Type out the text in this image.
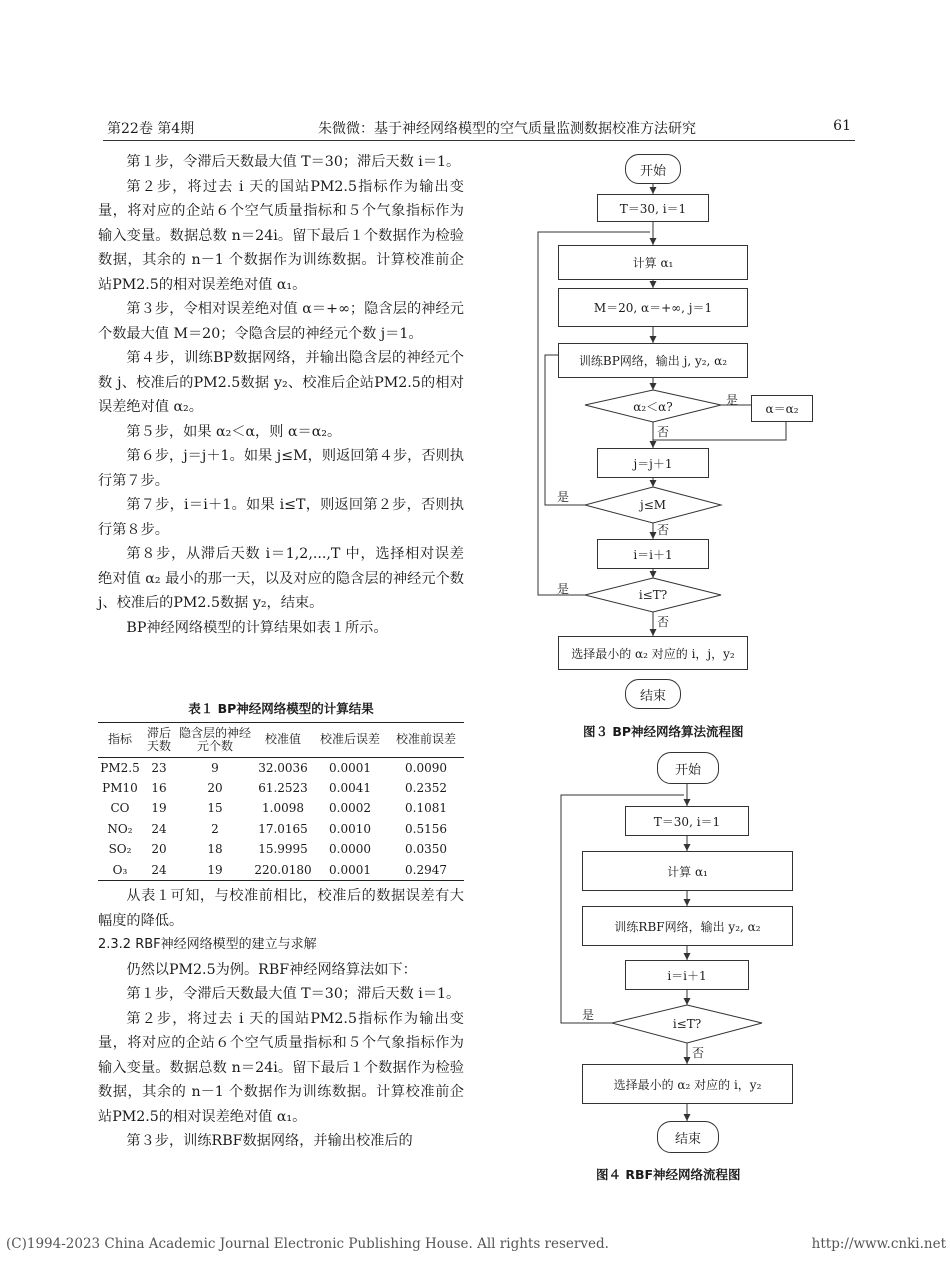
第22卷 第4期	朱微微：基于神经网络模型的空气质量监测数据校准方法研究	61

第１步，令滞后天数最大值 T＝30；滞后天数 i＝1。

第２步，将过去 i 天的国站PM2.5指标作为输出变量，将对应的企站６个空气质量指标和５个气象指标作为输入变量。数据总数 n＝24i。留下最后１个数据作为检验数据，其余的 n－1 个数据作为训练数据。计算校准前企站PM2.5的相对误差绝对值 α₁。

第３步，令相对误差绝对值 α＝+∞；隐含层的神经元个数最大值 M＝20；令隐含层的神经元个数 j＝1。

第４步，训练BP数据网络，并输出隐含层的神经元个数 j、校准后的PM2.5数据 y₂、校准后企站PM2.5的相对误差绝对值 α₂。

第５步，如果 α₂＜α，则 α＝α₂。

第６步，j＝j＋1。如果 j≤M，则返回第４步，否则执行第７步。

第７步，i＝i＋1。如果 i≤T，则返回第２步，否则执行第８步。

第８步，从滞后天数 i＝1,2,...,T 中，选择相对误差绝对值 α₂ 最小的那一天，以及对应的隐含层的神经元个数 j、校准后的PM2.5数据 y₂，结束。

BP神经网络模型的计算结果如表１所示。

表１ BP神经网络模型的计算结果

指标	滞后天数	隐含层的神经元个数	校准值	校准后误差	校准前误差
PM2.5	23	9	32.0036	0.0001	0.0090
PM10	16	20	61.2523	0.0041	0.2352
CO	19	15	1.0098	0.0002	0.1081
NO₂	24	2	17.0165	0.0010	0.5156
SO₂	20	18	15.9995	0.0000	0.0350
O₃	24	19	220.0180	0.0001	0.2947

从表１可知，与校准前相比，校准后的数据误差有大幅度的降低。

2.3.2 RBF神经网络模型的建立与求解

仍然以PM2.5为例。RBF神经网络算法如下：

第１步，令滞后天数最大值 T＝30；滞后天数 i＝1。

第２步，将过去 i 天的国站PM2.5指标作为输出变量，将对应的企站６个空气质量指标和５个气象指标作为输入变量。数据总数 n＝24i。留下最后１个数据作为检验数据，其余的 n－1 个数据作为训练数据。计算校准前企站PM2.5的相对误差绝对值 α₁。

第３步，训练RBF数据网络，并输出校准后的

开始
T＝30, i＝1
计算 α₁
M＝20, α＝+∞, j＝1
训练BP网络，输出 j, y₂, α₂
α₂＜α?	α＝α₂
j＝j＋1
j≤M
i＝i＋1
i≤T?
选择最小的 α₂ 对应的 i，j，y₂
是
否
是
否
是
否
结束
图３ BP神经网络算法流程图
开始
T＝30, i＝1
计算 α₁
训练RBF网络，输出 y₂, α₂
i＝i＋1
i≤T?
选择最小的 α₂ 对应的 i，y₂
结束
是
否
图４ RBF神经网络流程图
(C)1994-2023 China Academic Journal Electronic Publishing House. All rights reserved.	http://www.cnki.net
